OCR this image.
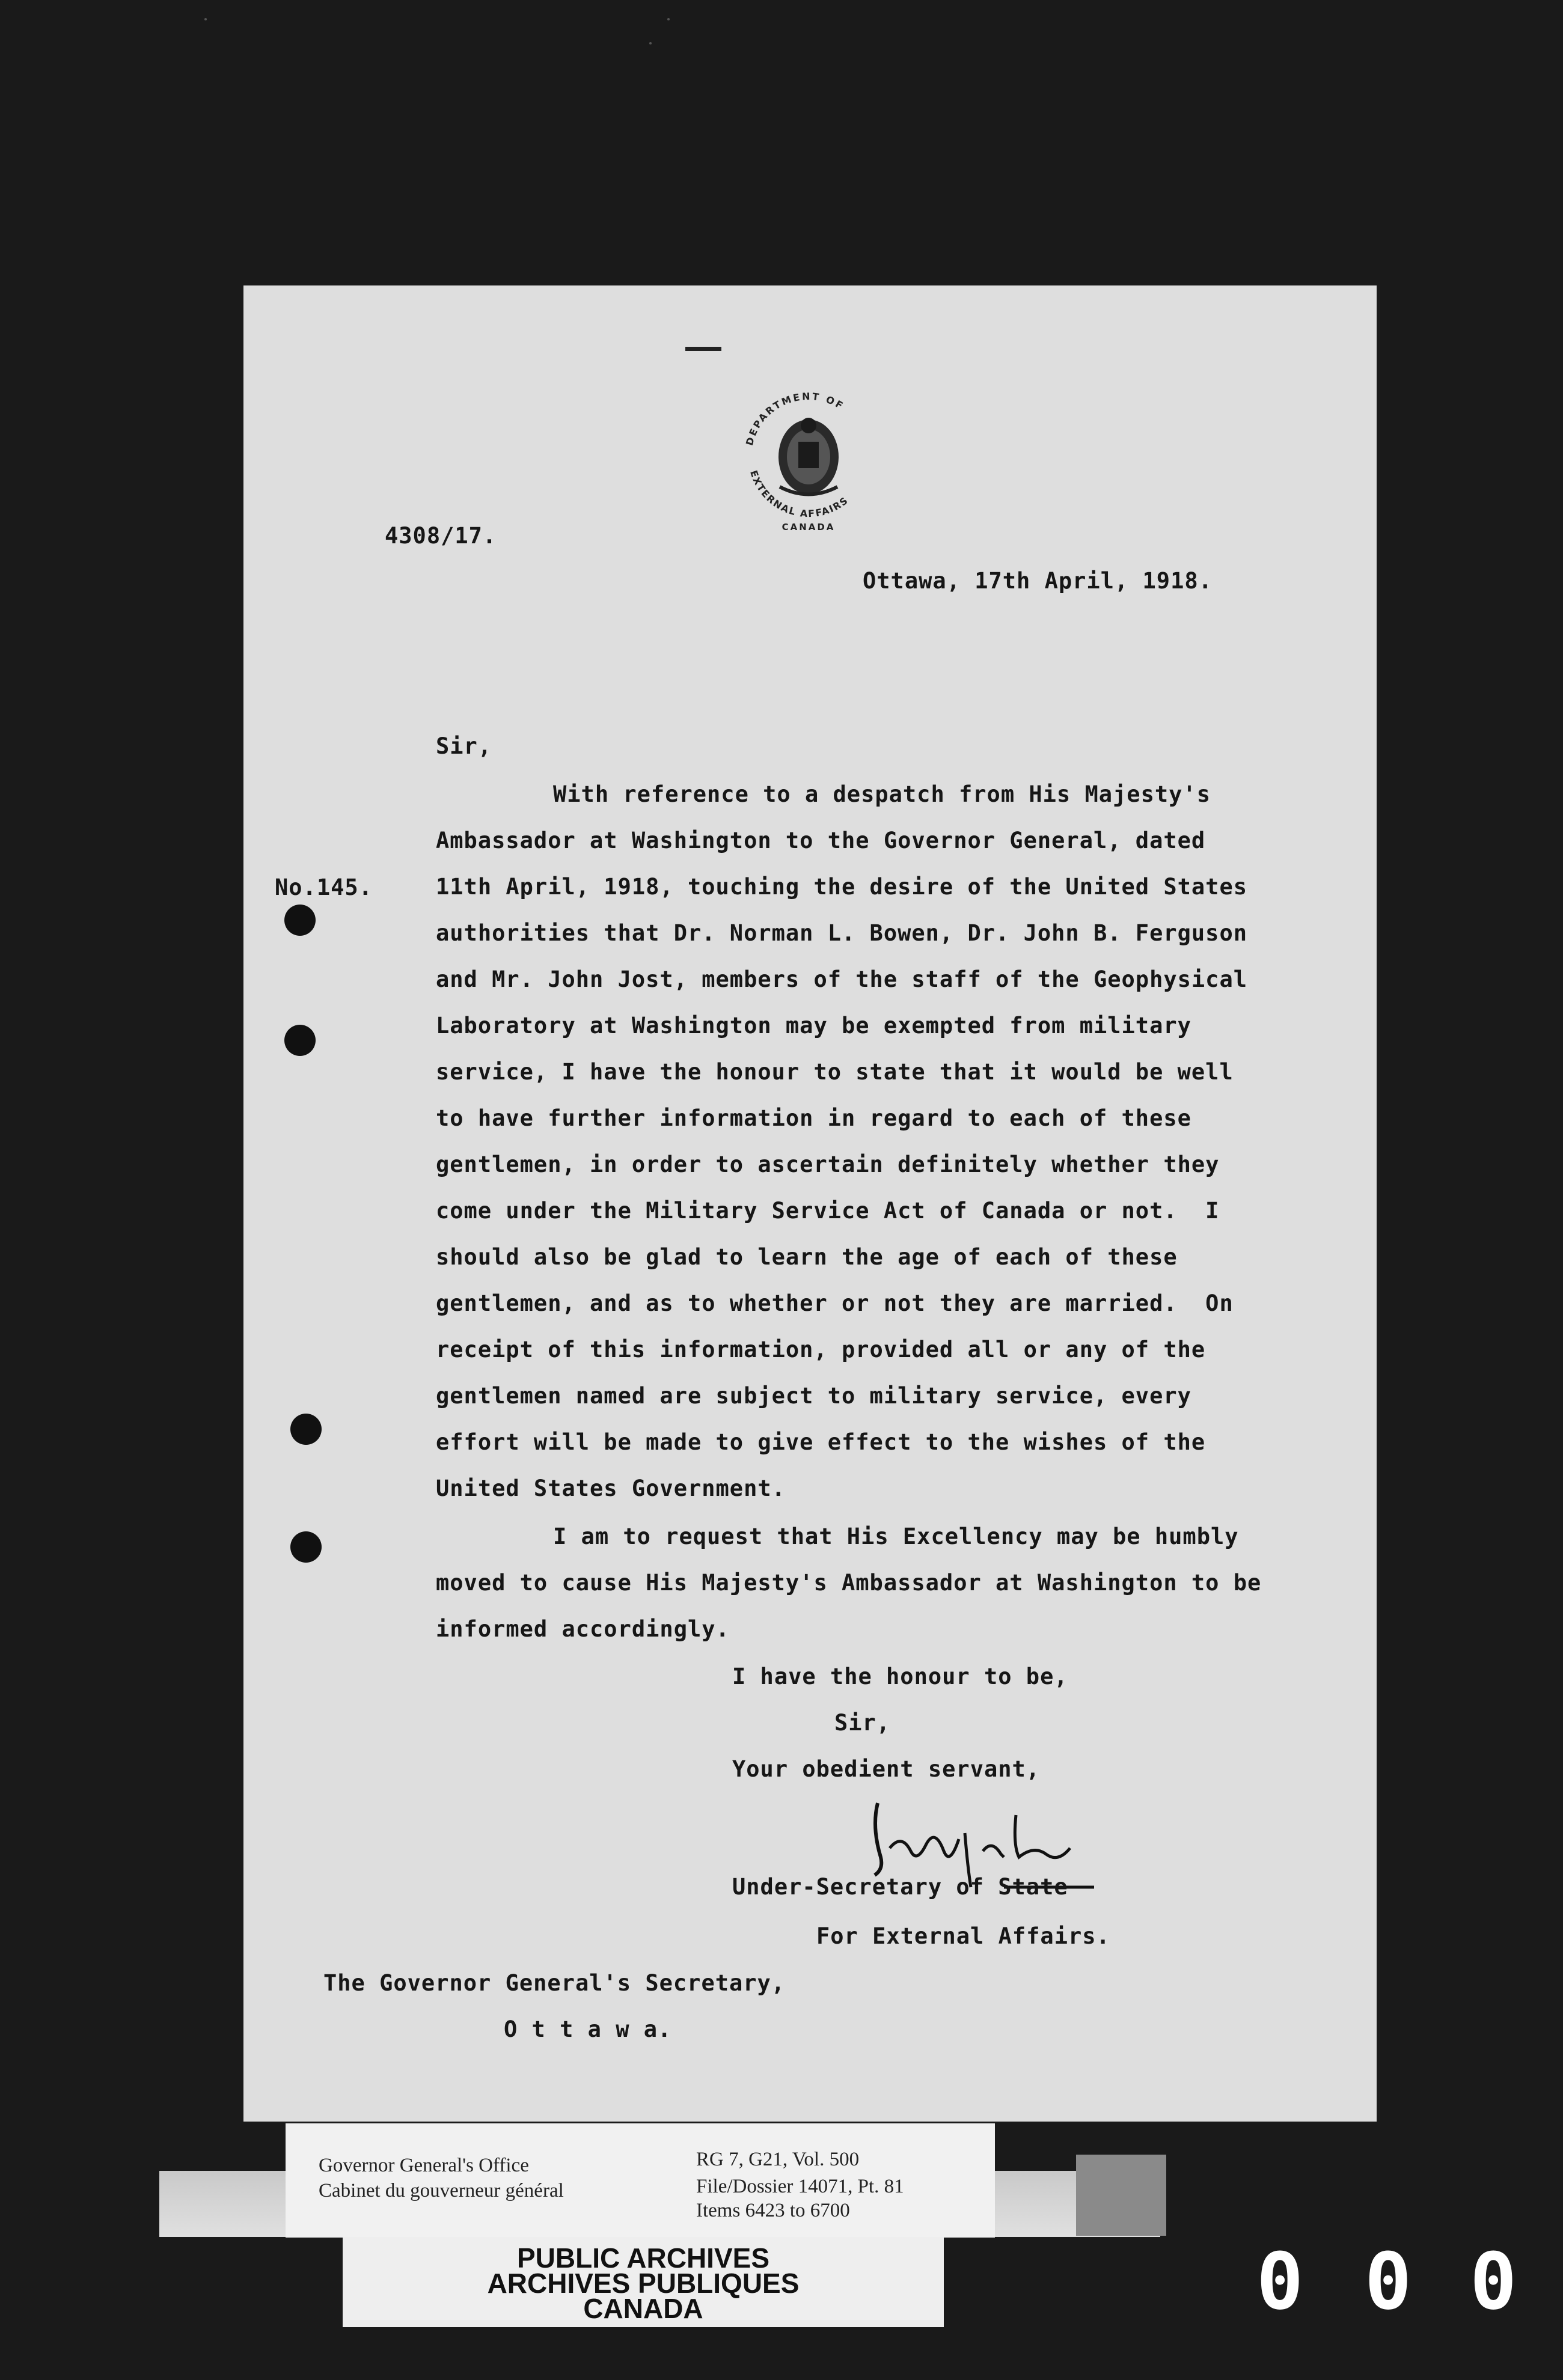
DEPARTMENT OF
EXTERNAL AFFAIRS
CANADA
4308/17.
Ottawa, 17th April, 1918.
Sir,
No.145.
With reference to a despatch from His Majesty's
Ambassador at Washington to the Governor General, dated
11th April, 1918, touching the desire of the United States
authorities that Dr. Norman L. Bowen, Dr. John B. Ferguson
and Mr. John Jost, members of the staff of the Geophysical
Laboratory at Washington may be exempted from military
service, I have the honour to state that it would be well
to have further information in regard to each of these
gentlemen, in order to ascertain definitely whether they
come under the Military Service Act of Canada or not.  I
should also be glad to learn the age of each of these
gentlemen, and as to whether or not they are married.  On
receipt of this information, provided all or any of the
gentlemen named are subject to military service, every
effort will be made to give effect to the wishes of the
United States Government.
I am to request that His Excellency may be humbly
moved to cause His Majesty's Ambassador at Washington to be
informed accordingly.
I have the honour to be,
Sir,
Your obedient servant,
Under-Secretary of State
For External Affairs.
The Governor General's Secretary,
O t t a w a.
Governor General's Office
Cabinet du gouverneur général
RG 7, G21, Vol. 500
File/Dossier 14071, Pt. 81
Items 6423 to 6700
PUBLIC ARCHIVES
ARCHIVES PUBLIQUES
CANADA	0 0 0
